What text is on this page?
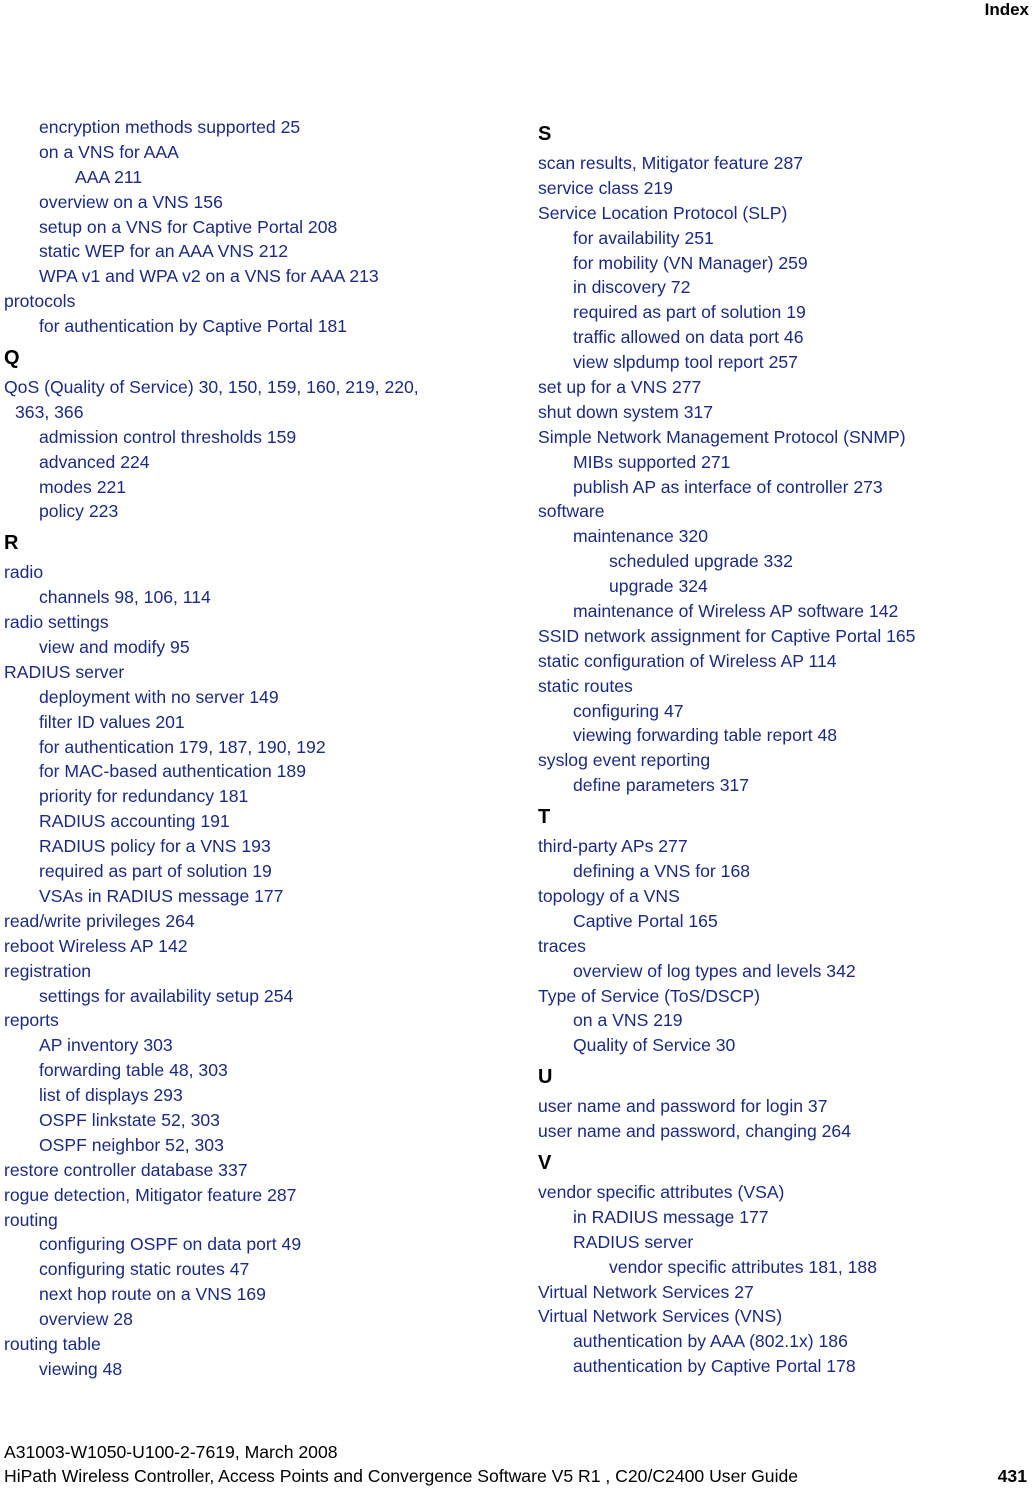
Index
encryption methods supported 25
on a VNS for AAA
AAA 211
overview on a VNS 156
setup on a VNS for Captive Portal 208
static WEP for an AAA VNS 212
WPA v1 and WPA v2 on a VNS for AAA 213
protocols
for authentication by Captive Portal 181
Q
QoS (Quality of Service) 30, 150, 159, 160, 219, 220,
363, 366
admission control thresholds 159
advanced 224
modes 221
policy 223
R
radio
channels 98, 106, 114
radio settings
view and modify 95
RADIUS server
deployment with no server 149
filter ID values 201
for authentication 179, 187, 190, 192
for MAC-based authentication 189
priority for redundancy 181
RADIUS accounting 191
RADIUS policy for a VNS 193
required as part of solution 19
VSAs in RADIUS message 177
read/write privileges 264
reboot Wireless AP 142
registration
settings for availability setup 254
reports
AP inventory 303
forwarding table 48, 303
list of displays 293
OSPF linkstate 52, 303
OSPF neighbor 52, 303
restore controller database 337
rogue detection, Mitigator feature 287
routing
configuring OSPF on data port 49
configuring static routes 47
next hop route on a VNS 169
overview 28
routing table
viewing 48
S
scan results, Mitigator feature 287
service class 219
Service Location Protocol (SLP)
for availability 251
for mobility (VN Manager) 259
in discovery 72
required as part of solution 19
traffic allowed on data port 46
view slpdump tool report 257
set up for a VNS 277
shut down system 317
Simple Network Management Protocol (SNMP)
MIBs supported 271
publish AP as interface of controller 273
software
maintenance 320
scheduled upgrade 332
upgrade 324
maintenance of Wireless AP software 142
SSID network assignment for Captive Portal 165
static configuration of Wireless AP 114
static routes
configuring 47
viewing forwarding table report 48
syslog event reporting
define parameters 317
T
third-party APs 277
defining a VNS for 168
topology of a VNS
Captive Portal 165
traces
overview of log types and levels 342
Type of Service (ToS/DSCP)
on a VNS 219
Quality of Service 30
U
user name and password for login 37
user name and password, changing 264
V
vendor specific attributes (VSA)
in RADIUS message 177
RADIUS server
vendor specific attributes 181, 188
Virtual Network Services 27
Virtual Network Services (VNS)
authentication by AAA (802.1x) 186
authentication by Captive Portal 178
A31003-W1050-U100-2-7619, March 2008
HiPath Wireless Controller, Access Points and Convergence Software V5 R1 , C20/C2400 User Guide	431
